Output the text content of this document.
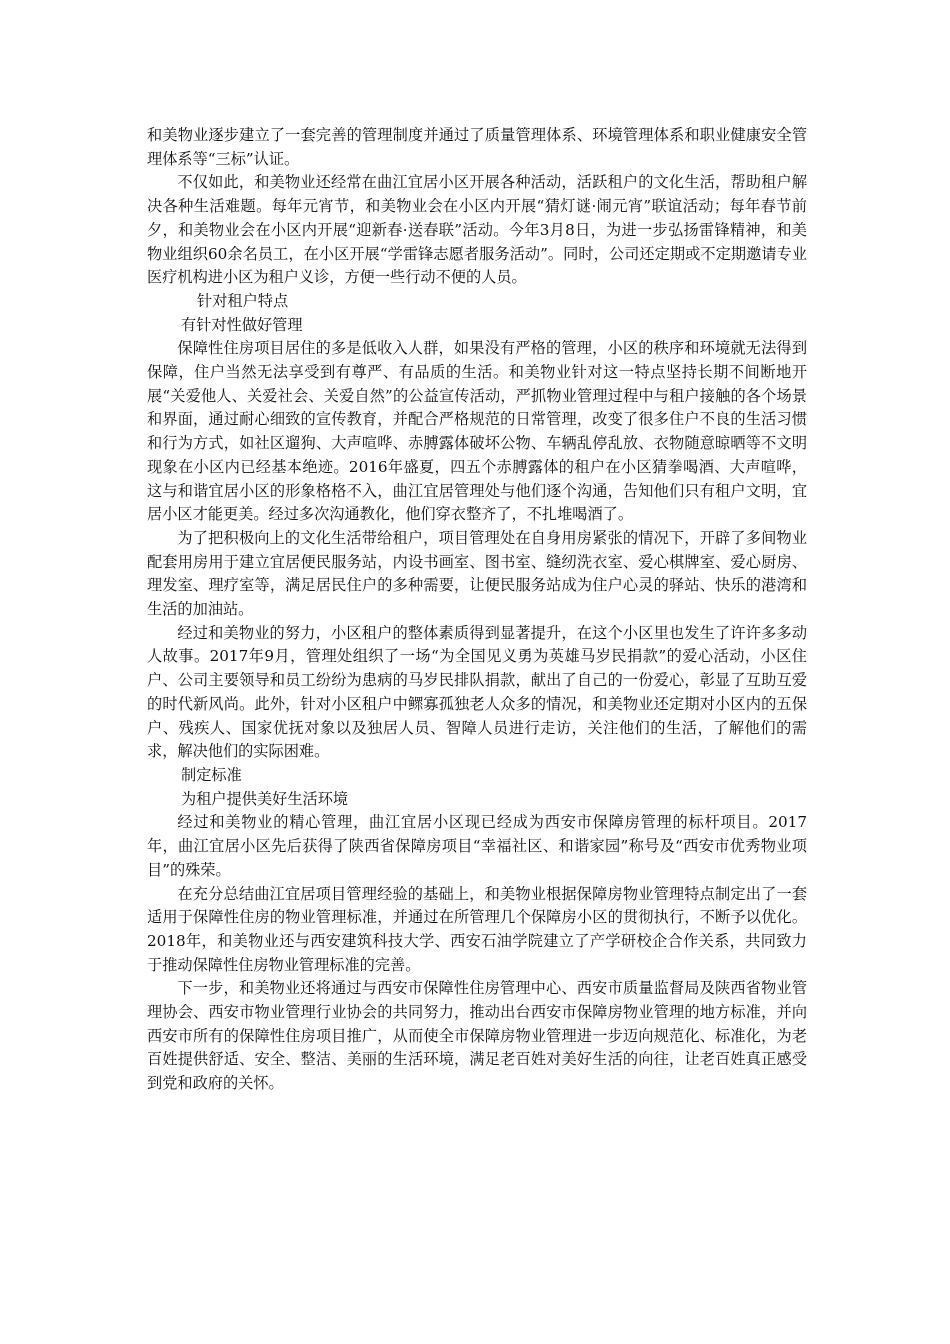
和美物业逐步建立了一套完善的管理制度并通过了质量管理体系、环境管理体系和职业健康安全管理体系等“三标”认证。

不仅如此，和美物业还经常在曲江宜居小区开展各种活动，活跃租户的文化生活，帮助租户解决各种生活难题。每年元宵节，和美物业会在小区内开展“猜灯谜·闹元宵”联谊活动；每年春节前夕，和美物业会在小区内开展“迎新春·送春联”活动。今年3月8日，为进一步弘扬雷锋精神，和美物业组织60余名员工，在小区开展“学雷锋志愿者服务活动”。同时，公司还定期或不定期邀请专业医疗机构进小区为租户义诊，方便一些行动不便的人员。

针对租户特点

有针对性做好管理

保障性住房项目居住的多是低收入人群，如果没有严格的管理，小区的秩序和环境就无法得到保障，住户当然无法享受到有尊严、有品质的生活。和美物业针对这一特点坚持长期不间断地开展“关爱他人、关爱社会、关爱自然”的公益宣传活动，严抓物业管理过程中与租户接触的各个场景和界面，通过耐心细致的宣传教育，并配合严格规范的日常管理，改变了很多住户不良的生活习惯和行为方式，如社区遛狗、大声喧哗、赤膊露体破坏公物、车辆乱停乱放、衣物随意晾晒等不文明现象在小区内已经基本绝迹。2016年盛夏，四五个赤膊露体的租户在小区猜拳喝酒、大声喧哗，这与和谐宜居小区的形象格格不入，曲江宜居管理处与他们逐个沟通，告知他们只有租户文明，宜居小区才能更美。经过多次沟通教化，他们穿衣整齐了，不扎堆喝酒了。

为了把积极向上的文化生活带给租户，项目管理处在自身用房紧张的情况下，开辟了多间物业配套用房用于建立宜居便民服务站，内设书画室、图书室、缝纫洗衣室、爱心棋牌室、爱心厨房、理发室、理疗室等，满足居民住户的多种需要，让便民服务站成为住户心灵的驿站、快乐的港湾和生活的加油站。

经过和美物业的努力，小区租户的整体素质得到显著提升，在这个小区里也发生了许许多多动人故事。2017年9月，管理处组织了一场“为全国见义勇为英雄马岁民捐款”的爱心活动，小区住户、公司主要领导和员工纷纷为患病的马岁民排队捐款，献出了自己的一份爱心，彰显了互助互爱的时代新风尚。此外，针对小区租户中鳏寡孤独老人众多的情况，和美物业还定期对小区内的五保户、残疾人、国家优抚对象以及独居人员、智障人员进行走访，关注他们的生活，了解他们的需求，解决他们的实际困难。

制定标准

为租户提供美好生活环境

经过和美物业的精心管理，曲江宜居小区现已经成为西安市保障房管理的标杆项目。2017年，曲江宜居小区先后获得了陕西省保障房项目“幸福社区、和谐家园”称号及“西安市优秀物业项目”的殊荣。

在充分总结曲江宜居项目管理经验的基础上，和美物业根据保障房物业管理特点制定出了一套适用于保障性住房的物业管理标准，并通过在所管理几个保障房小区的贯彻执行，不断予以优化。2018年，和美物业还与西安建筑科技大学、西安石油学院建立了产学研校企合作关系，共同致力于推动保障性住房物业管理标准的完善。

下一步，和美物业还将通过与西安市保障性住房管理中心、西安市质量监督局及陕西省物业管理协会、西安市物业管理行业协会的共同努力，推动出台西安市保障房物业管理的地方标准，并向西安市所有的保障性住房项目推广，从而使全市保障房物业管理进一步迈向规范化、标准化，为老百姓提供舒适、安全、整洁、美丽的生活环境，满足老百姓对美好生活的向往，让老百姓真正感受到党和政府的关怀。
